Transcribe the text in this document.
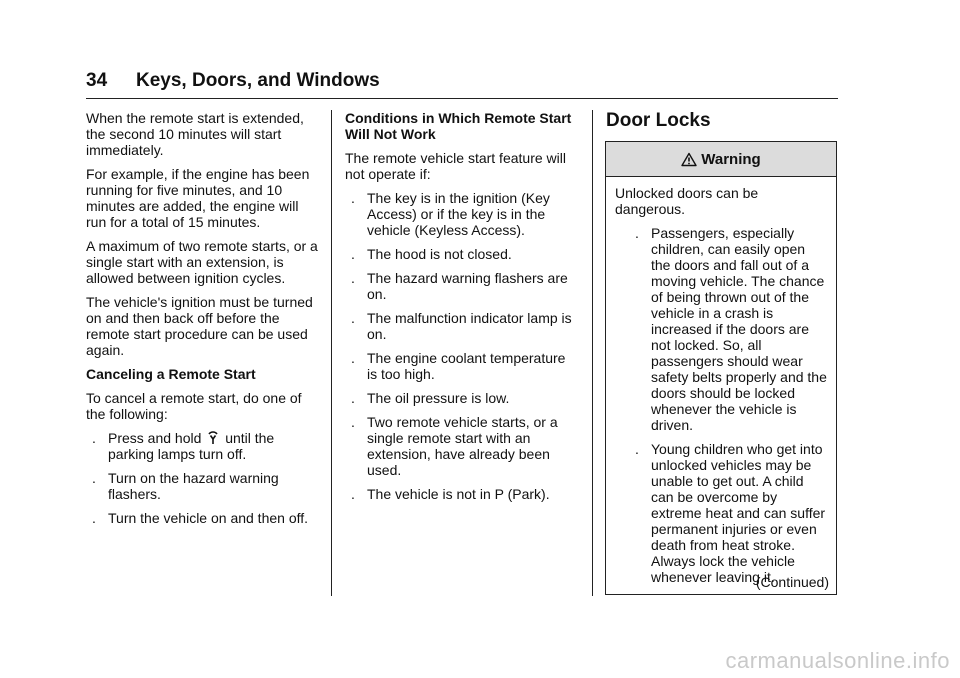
34 Keys, Doors, and Windows

When the remote start is extended, the second 10 minutes will start immediately.

For example, if the engine has been running for five minutes, and 10 minutes are added, the engine will run for a total of 15 minutes.

A maximum of two remote starts, or a single start with an extension, is allowed between ignition cycles.

The vehicle's ignition must be turned on and then back off before the remote start procedure can be used again.

Canceling a Remote Start

To cancel a remote start, do one of the following:

. Press and hold until the parking lamps turn off.
. Turn on the hazard warning flashers.
. Turn the vehicle on and then off.

Conditions in Which Remote Start Will Not Work

The remote vehicle start feature will not operate if:

. The key is in the ignition (Key Access) or if the key is in the vehicle (Keyless Access).
. The hood is not closed.
. The hazard warning flashers are on.
. The malfunction indicator lamp is on.
. The engine coolant temperature is too high.
. The oil pressure is low.
. Two remote vehicle starts, or a single remote start with an extension, have already been used.
. The vehicle is not in P (Park).
Door Locks
Warning

Unlocked doors can be dangerous.

. Passengers, especially children, can easily open the doors and fall out of a moving vehicle. The chance of being thrown out of the vehicle in a crash is increased if the doors are not locked. So, all passengers should wear safety belts properly and the doors should be locked whenever the vehicle is driven.
. Young children who get into unlocked vehicles may be unable to get out. A child can be overcome by extreme heat and can suffer permanent injuries or even death from heat stroke. Always lock the vehicle whenever leaving it.
(Continued)
carmanualsonline.info
